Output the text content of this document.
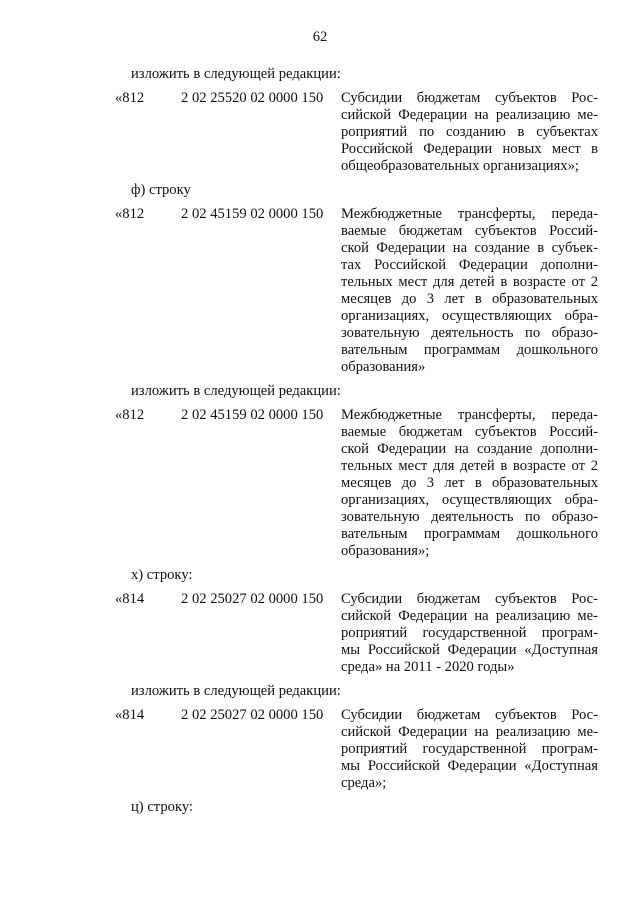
62
изложить в следующей редакции:
«812	2 02 25520 02 0000 150 Субсидии бюджетам субъектов Рос-
сийской Федерации на реализацию ме-
роприятий по созданию в субъектах
Российской Федерации новых мест в
общеобразовательных организациях»;
ф) строку
«812	2 02 45159 02 0000 150 Межбюджетные трансферты, переда-
ваемые бюджетам субъектов Россий-
ской Федерации на создание в субъек-
тах Российской Федерации дополни-
тельных мест для детей в возрасте от 2
месяцев до 3 лет в образовательных
организациях, осуществляющих обра-
зовательную деятельность по образо-
вательным программам дошкольного
образования»
изложить в следующей редакции:
«812	2 02 45159 02 0000 150 Межбюджетные трансферты, переда-
ваемые бюджетам субъектов Россий-
ской Федерации на создание дополни-
тельных мест для детей в возрасте от 2
месяцев до 3 лет в образовательных
организациях, осуществляющих обра-
зовательную деятельность по образо-
вательным программам дошкольного
образования»;
х) строку:
«814	2 02 25027 02 0000 150 Субсидии бюджетам субъектов Рос-
сийской Федерации на реализацию ме-
роприятий государственной програм-
мы Российской Федерации «Доступная
среда» на 2011 - 2020 годы»
изложить в следующей редакции:
«814	2 02 25027 02 0000 150 Субсидии бюджетам субъектов Рос-
сийской Федерации на реализацию ме-
роприятий государственной програм-
мы Российской Федерации «Доступная
среда»;
ц) строку:
